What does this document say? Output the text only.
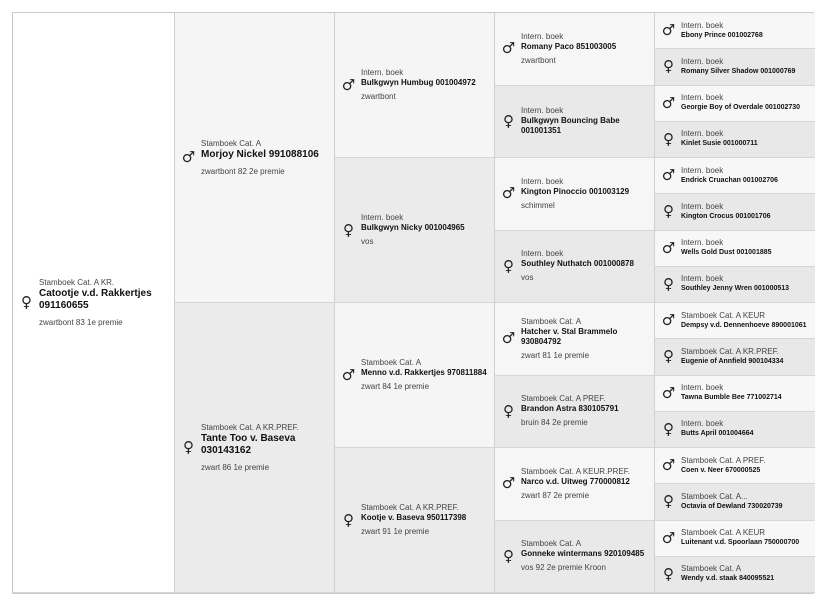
♀
Stamboek Cat. A KR.
Catootje v.d. Rakkertjes 091160655
zwartbont 83 1e premie
♂
Stamboek Cat. A
Morjoy Nickel 991088106
zwartbont 82 2e premie
♀
Stamboek Cat. A KR.PREF.
Tante Too v. Baseva 030143162
zwart 86 1e premie
♂
Intern. boek
Bulkgwyn Humbug 001004972
zwartbont
♀
Intern. boek
Bulkgwyn Nicky 001004965
vos
♂
Stamboek Cat. A
Menno v.d. Rakkertjes 970811884
zwart 84 1e premie
♀
Stamboek Cat. A KR.PREF.
Kootje v. Baseva 950117398
zwart 91 1e premie
♂
Intern. boek
Romany Paco 851003005
zwartbont
♀
Intern. boek
Bulkgwyn Bouncing Babe 001001351
♂
Intern. boek
Kington Pinoccio 001003129
schimmel
♀
Intern. boek
Southley Nuthatch 001000878
vos
♂
Stamboek Cat. A
Hatcher v. Stal Brammelo 930804792
zwart 81 1e premie
♀
Stamboek Cat. A PREF.
Brandon Astra 830105791
bruin 84 2e premie
♂
Stamboek Cat. A KEUR.PREF.
Narco v.d. Uitweg 770000812
zwart 87 2e premie
♀
Stamboek Cat. A
Gonneke wintermans 920109485
vos 92 2e premie Kroon
♂ Intern. boek
Ebony Prince 001002768
♀ Intern. boek
Romany Silver Shadow 001000769
♂ Intern. boek
Georgie Boy of Overdale 001002730
♀ Intern. boek
Kinlet Susie 001000711
♂ Intern. boek
Endrick Cruachan 001002706
♀ Intern. boek
Kington Crocus 001001706
♂ Intern. boek
Wells Gold Dust 001001885
♀ Intern. boek
Southley Jenny Wren 001000513
♂ Stamboek Cat. A KEUR
Dempsy v.d. Dennenhoeve 890001061
♀ Stamboek Cat. A KR.PREF.
Eugenie of Annfield 900104334
♂ Intern. boek
Tawna Bumble Bee 771002714
♀ Intern. boek
Butts April 001004664
♂ Stamboek Cat. A PREF.
Coen v. Neer 670000525
♀ Stamboek Cat. A...
Octavia of Dewland 730020739
♂ Stamboek Cat. A KEUR
Luitenant v.d. Spoorlaan 750000700
♀ Stamboek Cat. A
Wendy v.d. staak 840095521
